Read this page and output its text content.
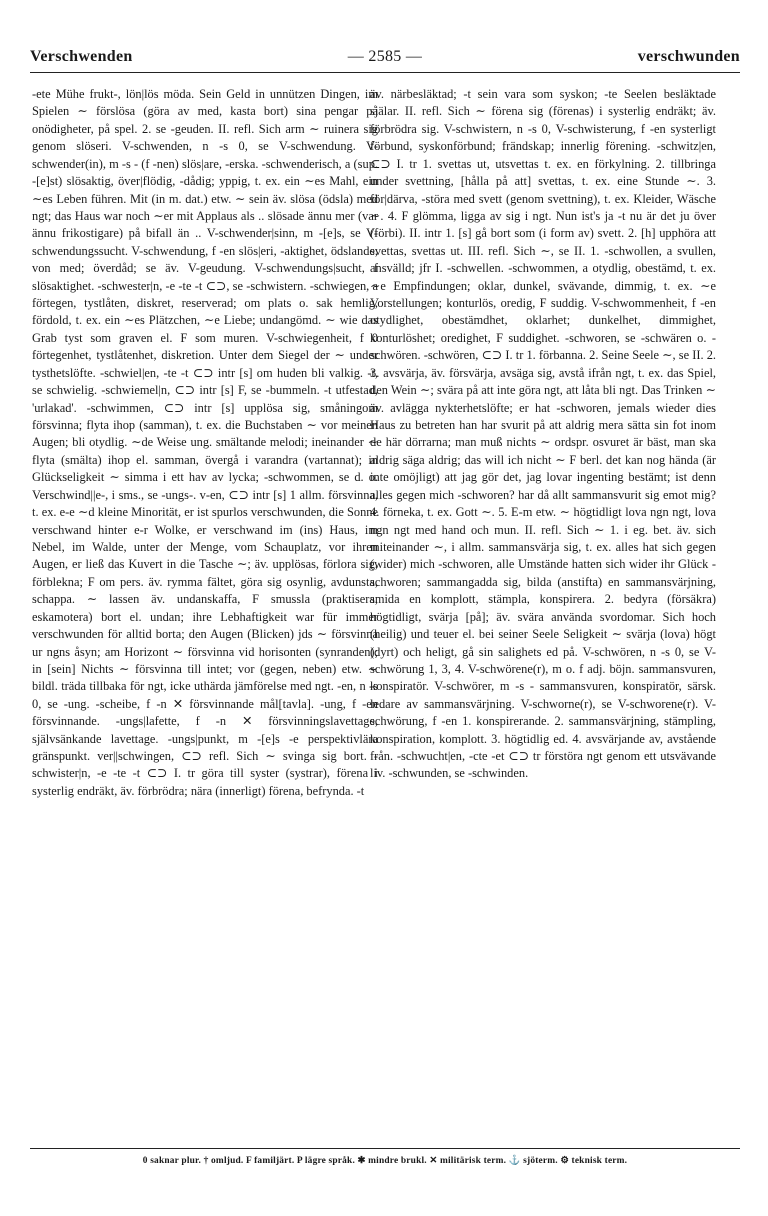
Verschwenden	— 2585 —	verschwunden
-ete Mühe frukt-, lön|lös möda. Sein Geld in unnützen Dingen, im Spielen ∼ förslösa (göra av med, kasta bort) sina pengar på onödigheter, på spel. 2. se -geuden. II. refl. Sich arm ∼ ruinera sig genom slöseri. V-schwenden, n -s 0, se V-schwendung. V-schwender(in), m -s - (f -nen) slös|are, -erska. -schwenderisch, a (sup. -[e]st) slösaktig, över|flödig, -dådig; yppig, t. ex. ein ∼es Mahl, ein ∼es Leben führen. Mit (in m. dat.) etw. ∼ sein äv. slösa (ödsla) med ngt; das Haus war noch ∼er mit Applaus als .. slösade ännu mer (var ännu frikostigare) på bifall än .. V-schwender|sinn, m -[e]s, se V-schwendungssucht. V-schwendung, f -en slös|eri, -aktighet, ödslande, von med; överdåd; se äv. V-geudung. V-schwendungs|sucht, f slösaktighet. -schwester|n, -e -te -t ⊂⊃, se -schwistern. -schwiegen, a förtegen, tystlåten, diskret, reserverad; om plats o. sak hemlig, fördold, t. ex. ein ∼es Plätzchen, ∼e Liebe; undangömd. ∼ wie das Grab tyst som graven el. F som muren. V-schwiegenheit, f 0 förtegenhet, tystlåtenhet, diskretion. Unter dem Siegel der ∼ under tysthetslöfte. -schwiel|en, -te -t ⊂⊃ intr [s] om huden bli valkig. -t, se schwielig. -schwiemel|n, ⊂⊃ intr [s] F, se -bummeln. -t utfestad, 'urlakad'. -schwimmen, ⊂⊃ intr [s] upplösa sig, småningom försvinna; flyta ihop (samman), t. ex. die Buchstaben ∼ vor meinen Augen; bli otydlig. ∼de Weise ung. smältande melodi; ineinander ∼ flyta (smälta) ihop el. samman, övergå i varandra (vartannat); in Glückseligkeit ∼ simma i ett hav av lycka; -schwommen, se d. o. Verschwind||e-, i sms., se -ungs-. v-en, ⊂⊃ intr [s] 1 allm. försvinna, t. ex. e-e ∼d kleine Minorität, er ist spurlos verschwunden, die Sonne verschwand hinter e-r Wolke, er verschwand im (ins) Haus, im Nebel, im Walde, unter der Menge, vom Schauplatz, vor ihren Augen, er ließ das Kuvert in die Tasche ∼; äv. upplösas, förlora sig, förblekna; F om pers. äv. rymma fältet, göra sig osynlig, avdunsta, schappa. ∼ lassen äv. undanskaffa, F smussla (praktisera, eskamotera) bort el. undan; ihre Lebhaftigkeit war für immer verschwunden för alltid borta; den Augen (Blicken) jds ∼ försvinna ur ngns åsyn; am Horizont ∼ försvinna vid horisonten (synranden); in [sein] Nichts ∼ försvinna till intet; vor (gegen, neben) etw. ∼ bildl. träda tillbaka för ngt, icke uthärda jämförelse med ngt. -en, n -s 0, se -ung. -scheibe, f -n ✕ försvinnande mål[tavla]. -ung, f -en försvinnande. -ungs|lafette, f -n ✕ försvinningslavettage, självsänkande lavettage. -ungs|punkt, m -[e]s -e perspektivlära gränspunkt. ver||schwingen, ⊂⊃ refl. Sich ∼ svinga sig bort. -schwister|n, -e -te -t ⊂⊃ I. tr göra till syster (systrar), förena i systerlig endräkt, äv. förbrödra; nära (innerligt) förena, befrynda. -t
äv. närbesläktad; -t sein vara som syskon; -te Seelen besläktade själar. II. refl. Sich ∼ förena sig (förenas) i systerlig endräkt; äv. förbrödra sig. V-schwistern, n -s 0, V-schwisterung, f -en systerligt förbund, syskonförbund; frändskap; innerlig förening. -schwitz|en, ⊂⊃ I. tr 1. svettas ut, utsvettas t. ex. en förkylning. 2. tillbringa under svettning, [hålla på att] svettas, t. ex. eine Stunde ∼. 3. för|därva, -störa med svett (genom svettning), t. ex. Kleider, Wäsche ∼. 4. F glömma, ligga av sig i ngt. Nun ist's ja -t nu är det ju över (förbi). II. intr 1. [s] gå bort som (i form av) svett. 2. [h] upphöra att svettas, svettas ut. III. refl. Sich ∼, se II. 1. -schwollen, a svullen, ansvälld; jfr I. -schwellen. -schwommen, a otydlig, obestämd, t. ex. ∼e Empfindungen; oklar, dunkel, svävande, dimmig, t. ex. ∼e Vorstellungen; konturlös, oredig, F suddig. V-schwommenheit, f -en otydlighet, obestämdhet, oklarhet; dunkelhet, dimmighet, konturlöshet; oredighet, F suddighet. -schworen, se -schwären o. -schwören. -schwören, ⊂⊃ I. tr 1. förbanna. 2. Seine Seele ∼, se II. 2. 3. avsvärja, äv. försvärja, avsäga sig, avstå ifrån ngt, t. ex. das Spiel, den Wein ∼; svära på att inte göra ngt, att låta bli ngt. Das Trinken ∼ äv. avlägga nykterhetslöfte; er hat -schworen, jemals wieder dies Haus zu betreten han har svurit på att aldrig mera sätta sin fot inom de här dörrarna; man muß nichts ∼ ordspr. osvuret är bäst, man ska aldrig säga aldrig; das will ich nicht ∼ F berl. det kan nog hända (är inte omöjligt) att jag gör det, jag lovar ingenting bestämt; ist denn alles gegen mich -schworen? har då allt sammansvurit sig emot mig? 4. förneka, t. ex. Gott ∼. 5. E-m etw. ∼ högtidligt lova ngn ngt, lova ngn ngt med hand och mun. II. refl. Sich ∼ 1. i eg. bet. äv. sich miteinander ∼, i allm. sammansvärja sig, t. ex. alles hat sich gegen (wider) mich -schworen, alle Umstände hatten sich wider ihr Glück -schworen; sammangadda sig, bilda (anstifta) en sammansvärjning, smida en komplott, stämpla, konspirera. 2. bedyra (försäkra) högtidligt, svärja [på]; äv. svära använda svordomar. Sich hoch (heilig) und teuer el. bei seiner Seele Seligkeit ∼ svärja (lova) högt (dyrt) och heligt, gå sin salighets ed på. V-schwören, n -s 0, se V-schwörung 1, 3, 4. V-schwörene(r), m o. f adj. böjn. sammansvuren, konspiratör. V-schwörer, m -s - sammansvuren, konspiratör, särsk. ledare av sammansvärjning. V-schworne(r), se V-schworene(r). V-schwörung, f -en 1. konspirerande. 2. sammansvärjning, stämpling, konspiration, komplott. 3. högtidlig ed. 4. avsvärjande av, avstående från. -schwucht|en, -cte -et ⊂⊃ tr förstöra ngt genom ett utsvävande liv. -schwunden, se -schwinden.
0 saknar plur. † omljud. F familjärt. P lägre språk. ✱ mindre brukl. ✕ militärisk term. ⚓ sjöterm. ⚙ teknisk term.
